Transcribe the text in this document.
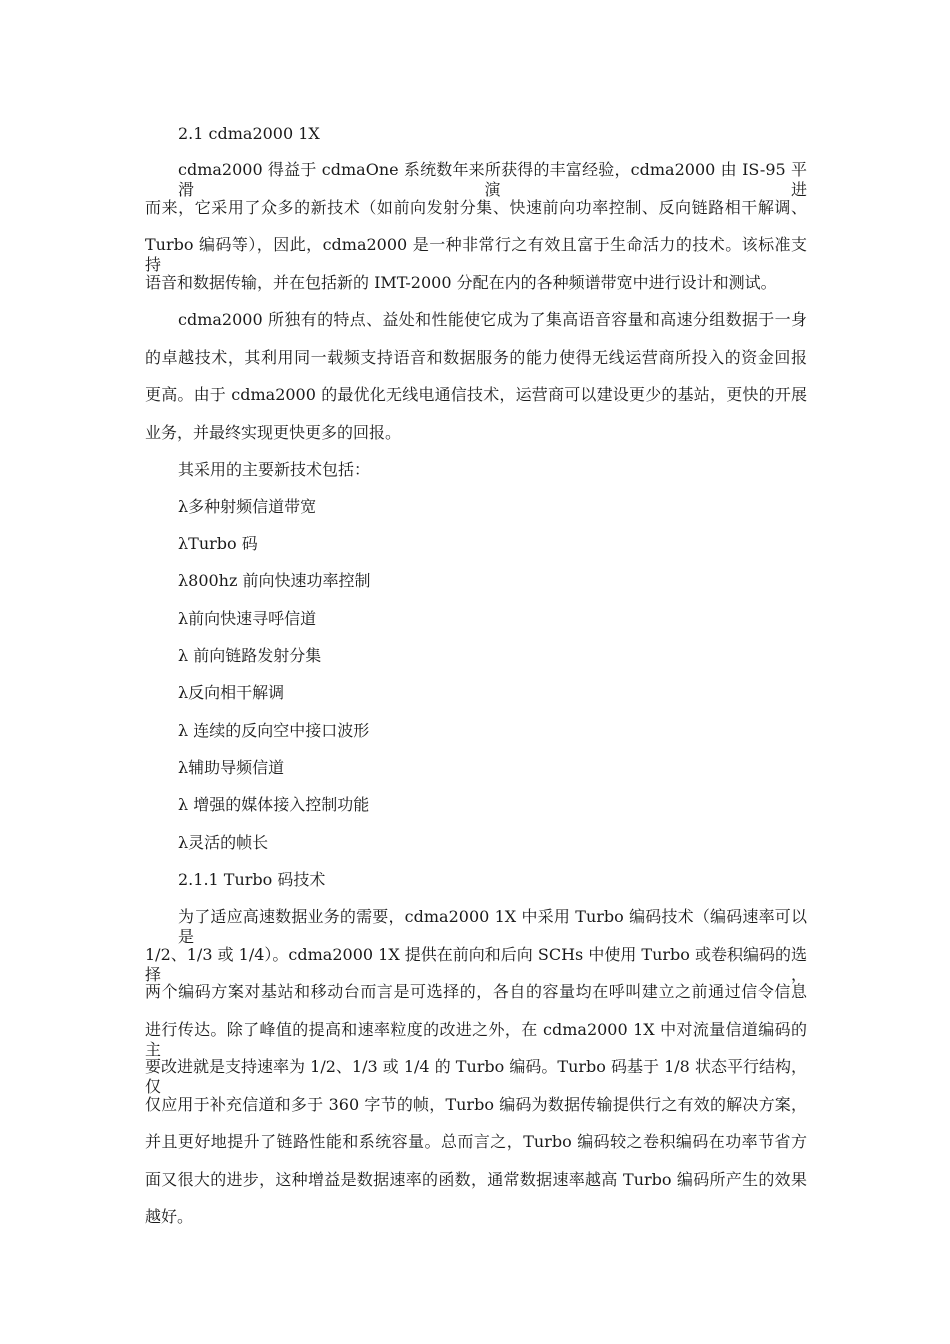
2.1 cdma2000 1X
cdma2000 得益于 cdmaOne 系统数年来所获得的丰富经验，cdma2000 由 IS-95 平滑演进
而来，它采用了众多的新技术（如前向发射分集、快速前向功率控制、反向链路相干解调、
Turbo 编码等），因此，cdma2000 是一种非常行之有效且富于生命活力的技术。该标准支持
语音和数据传输，并在包括新的 IMT-2000 分配在内的各种频谱带宽中进行设计和测试。
cdma2000 所独有的特点、益处和性能使它成为了集高语音容量和高速分组数据于一身
的卓越技术，其利用同一载频支持语音和数据服务的能力使得无线运营商所投入的资金回报
更高。由于 cdma2000 的最优化无线电通信技术，运营商可以建设更少的基站，更快的开展
业务，并最终实现更快更多的回报。
其采用的主要新技术包括：
λ多种射频信道带宽
λTurbo 码
λ800hz 前向快速功率控制
λ前向快速寻呼信道
λ 前向链路发射分集
λ反向相干解调
λ 连续的反向空中接口波形
λ辅助导频信道
λ 增强的媒体接入控制功能
λ灵活的帧长
2.1.1 Turbo 码技术
为了适应高速数据业务的需要，cdma2000 1X 中采用 Turbo 编码技术（编码速率可以是
1/2、1/3 或 1/4）。cdma2000 1X 提供在前向和后向 SCHs 中使用 Turbo 或卷积编码的选择，
两个编码方案对基站和移动台而言是可选择的，各自的容量均在呼叫建立之前通过信令信息
进行传达。除了峰值的提高和速率粒度的改进之外，在 cdma2000 1X 中对流量信道编码的主
要改进就是支持速率为 1/2、1/3 或 1/4 的 Turbo 编码。Turbo 码基于 1/8 状态平行结构，仅
仅应用于补充信道和多于 360 字节的帧，Turbo 编码为数据传输提供行之有效的解决方案，
并且更好地提升了链路性能和系统容量。总而言之，Turbo 编码较之卷积编码在功率节省方
面又很大的进步，这种增益是数据速率的函数，通常数据速率越高 Turbo 编码所产生的效果
越好。
